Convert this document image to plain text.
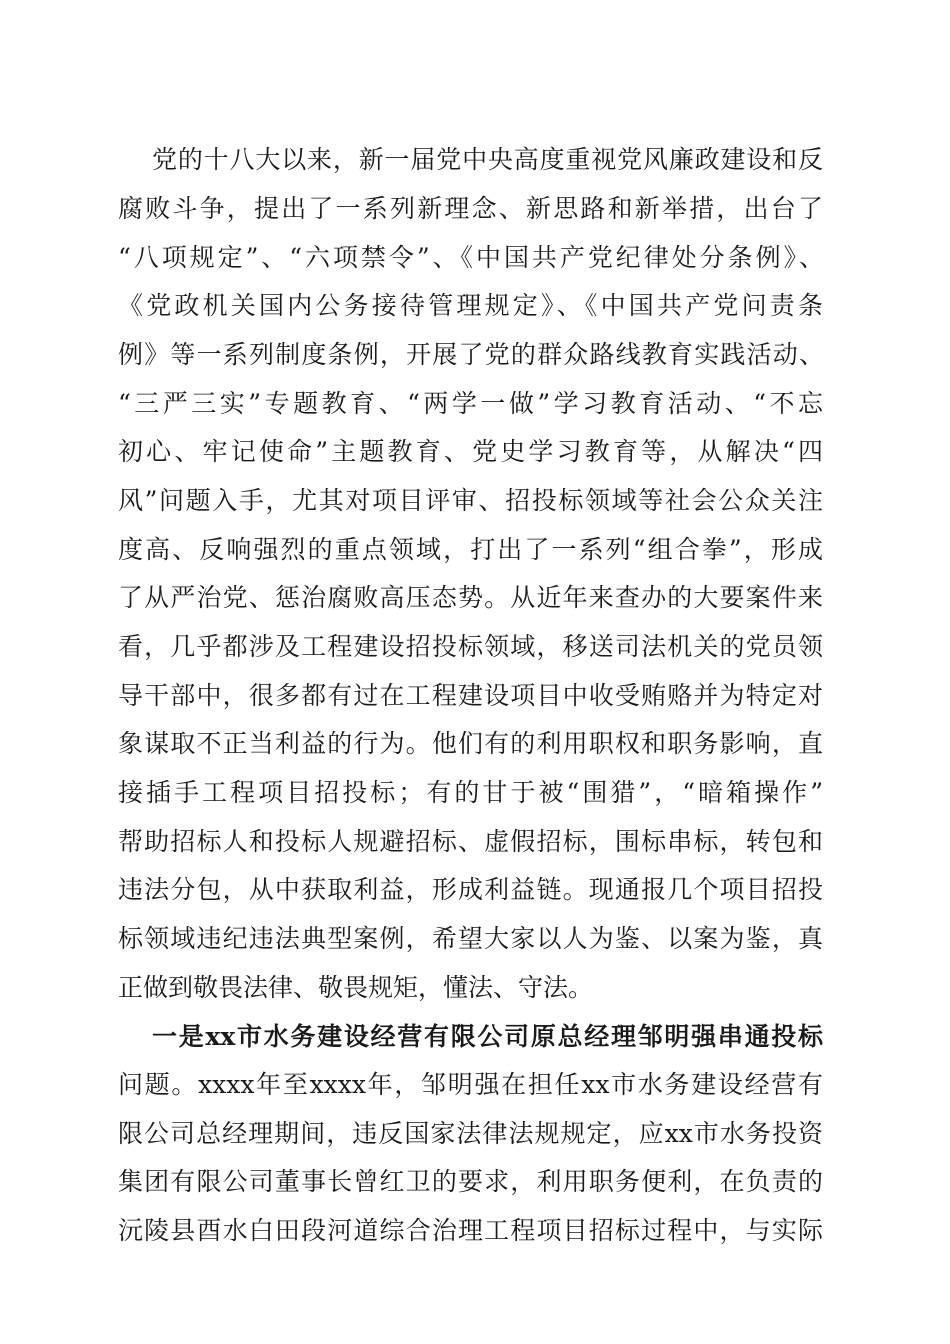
党的十八大以来，新一届党中央高度重视党风廉政建设和反
腐败斗争，提出了一系列新理念、新思路和新举措，出台了
“八项规定”、“六项禁令”、《中国共产党纪律处分条例》、
《党政机关国内公务接待管理规定》、《中国共产党问责条
例》等一系列制度条例，开展了党的群众路线教育实践活动、
“三严三实”专题教育、“两学一做”学习教育活动、“不忘
初心、牢记使命”主题教育、党史学习教育等，从解决“四
风”问题入手，尤其对项目评审、招投标领域等社会公众关注
度高、反响强烈的重点领域，打出了一系列“组合拳”，形成
了从严治党、惩治腐败高压态势。从近年来查办的大要案件来
看，几乎都涉及工程建设招投标领域，移送司法机关的党员领
导干部中，很多都有过在工程建设项目中收受贿赂并为特定对
象谋取不正当利益的行为。他们有的利用职权和职务影响，直
接插手工程项目招投标；有的甘于被“围猎”，“暗箱操作”
帮助招标人和投标人规避招标、虚假招标，围标串标，转包和
违法分包，从中获取利益，形成利益链。现通报几个项目招投
标领域违纪违法典型案例，希望大家以人为鉴、以案为鉴，真
正做到敬畏法律、敬畏规矩，懂法、守法。
一是xx市水务建设经营有限公司原总经理邹明强串通投标
问题。xxxx年至xxxx年，邹明强在担任xx市水务建设经营有
限公司总经理期间，违反国家法律法规规定，应xx市水务投资
集团有限公司董事长曾红卫的要求，利用职务便利，在负责的
沅陵县酉水白田段河道综合治理工程项目招标过程中，与实际
